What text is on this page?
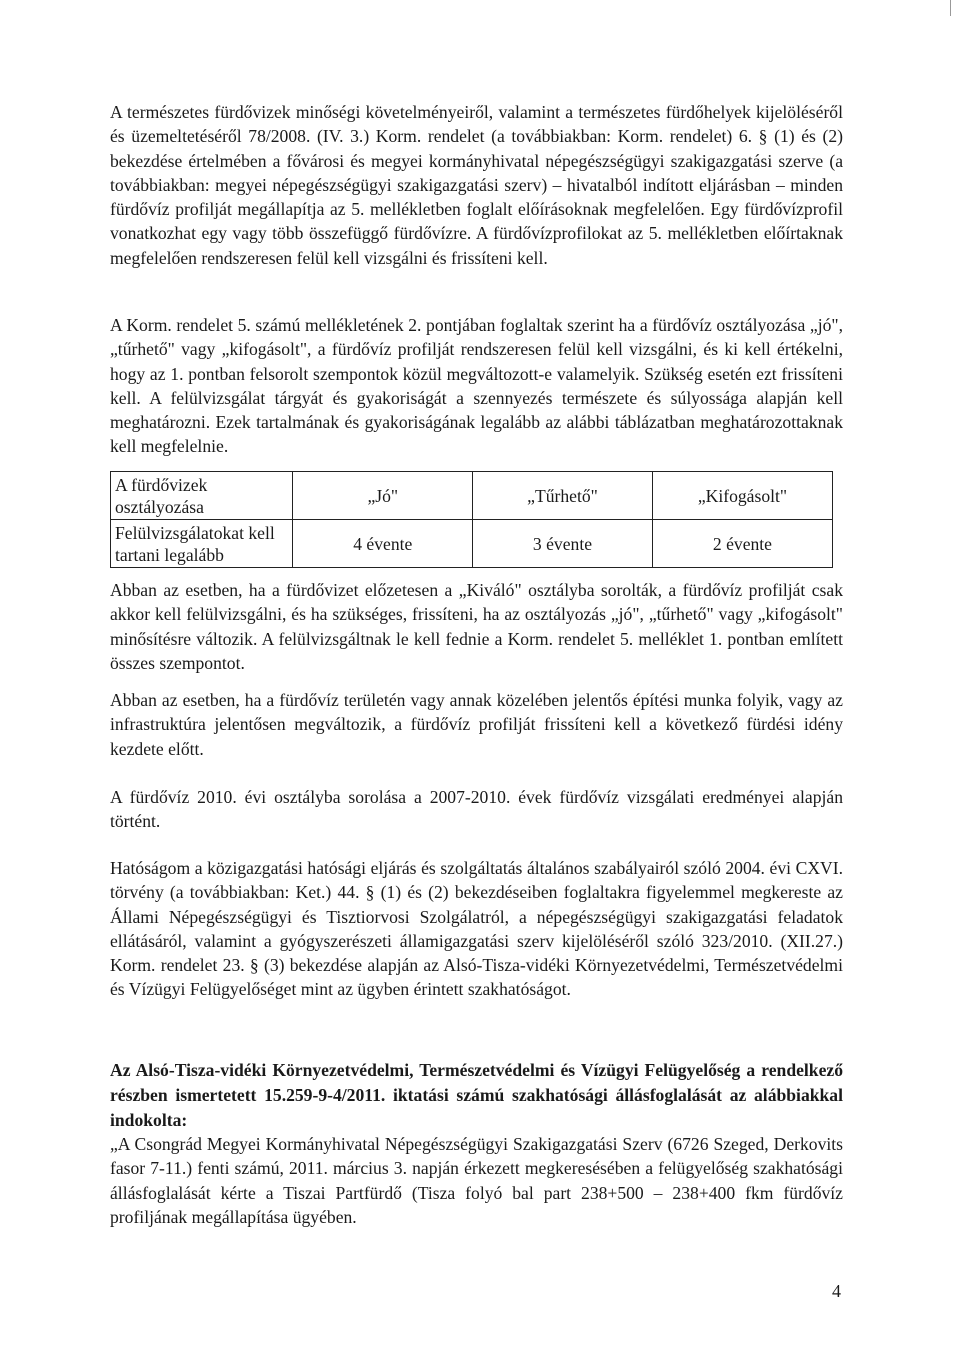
A természetes fürdővizek minőségi követelményeiről, valamint a természetes fürdőhelyek kijelöléséről és üzemeltetéséről 78/2008. (IV. 3.) Korm. rendelet (a továbbiakban: Korm. rendelet) 6. § (1) és (2) bekezdése értelmében a fővárosi és megyei kormányhivatal népegészségügyi szakigazgatási szerve (a továbbiakban: megyei népegészségügyi szakigazgatási szerv) – hivatalból indított eljárásban – minden fürdővíz profilját megállapítja az 5. mellékletben foglalt előírásoknak megfelelően. Egy fürdővízprofil vonatkozhat egy vagy több összefüggő fürdővízre. A fürdővízprofilokat az 5. mellékletben előírtaknak megfelelően rendszeresen felül kell vizsgálni és frissíteni kell.

A Korm. rendelet 5. számú mellékletének 2. pontjában foglaltak szerint ha a fürdővíz osztályozása „jó", „tűrhető" vagy „kifogásolt", a fürdővíz profilját rendszeresen felül kell vizsgálni, és ki kell értékelni, hogy az 1. pontban felsorolt szempontok közül megváltozott-e valamelyik. Szükség esetén ezt frissíteni kell. A felülvizsgálat tárgyát és gyakoriságát a szennyezés természete és súlyossága alapján kell meghatározni. Ezek tartalmának és gyakoriságának legalább az alábbi táblázatban meghatározottaknak kell megfelelnie.

A fürdővizek osztályozása	„Jó"	„Tűrhető"	„Kifogásolt"
Felülvizsgálatokat kell tartani legalább	4 évente	3 évente	2 évente

Abban az esetben, ha a fürdővizet előzetesen a „Kiváló" osztályba sorolták, a fürdővíz profilját csak akkor kell felülvizsgálni, és ha szükséges, frissíteni, ha az osztályozás „jó", „tűrhető" vagy „kifogásolt" minősítésre változik. A felülvizsgáltnak le kell fednie a Korm. rendelet 5. melléklet 1. pontban említett összes szempontot.

Abban az esetben, ha a fürdővíz területén vagy annak közelében jelentős építési munka folyik, vagy az infrastruktúra jelentősen megváltozik, a fürdővíz profilját frissíteni kell a következő fürdési idény kezdete előtt.

A fürdővíz 2010. évi osztályba sorolása a 2007-2010. évek fürdővíz vizsgálati eredményei alapján történt.

Hatóságom a közigazgatási hatósági eljárás és szolgáltatás általános szabályairól szóló 2004. évi CXVI. törvény (a továbbiakban: Ket.) 44. § (1) és (2) bekezdéseiben foglaltakra figyelemmel megkereste az Állami Népegészségügyi és Tisztiorvosi Szolgálatról, a népegészségügyi szakigazgatási feladatok ellátásáról, valamint a gyógyszerészeti államigazgatási szerv kijelöléséről szóló 323/2010. (XII.27.) Korm. rendelet 23. § (3) bekezdése alapján az Alsó-Tisza-vidéki Környezetvédelmi, Természetvédelmi és Vízügyi Felügyelőséget mint az ügyben érintett szakhatóságot.

Az Alsó-Tisza-vidéki Környezetvédelmi, Természetvédelmi és Vízügyi Felügyelőség a rendelkező részben ismertetett 15.259-9-4/2011. iktatási számú szakhatósági állásfoglalását az alábbiakkal indokolta:

„A Csongrád Megyei Kormányhivatal Népegészségügyi Szakigazgatási Szerv (6726 Szeged, Derkovits fasor 7-11.) fenti számú, 2011. március 3. napján érkezett megkeresésében a felügyelőség szakhatósági állásfoglalását kérte a Tiszai Partfürdő (Tisza folyó bal part 238+500 – 238+400 fkm fürdővíz profiljának megállapítása ügyében.

4
